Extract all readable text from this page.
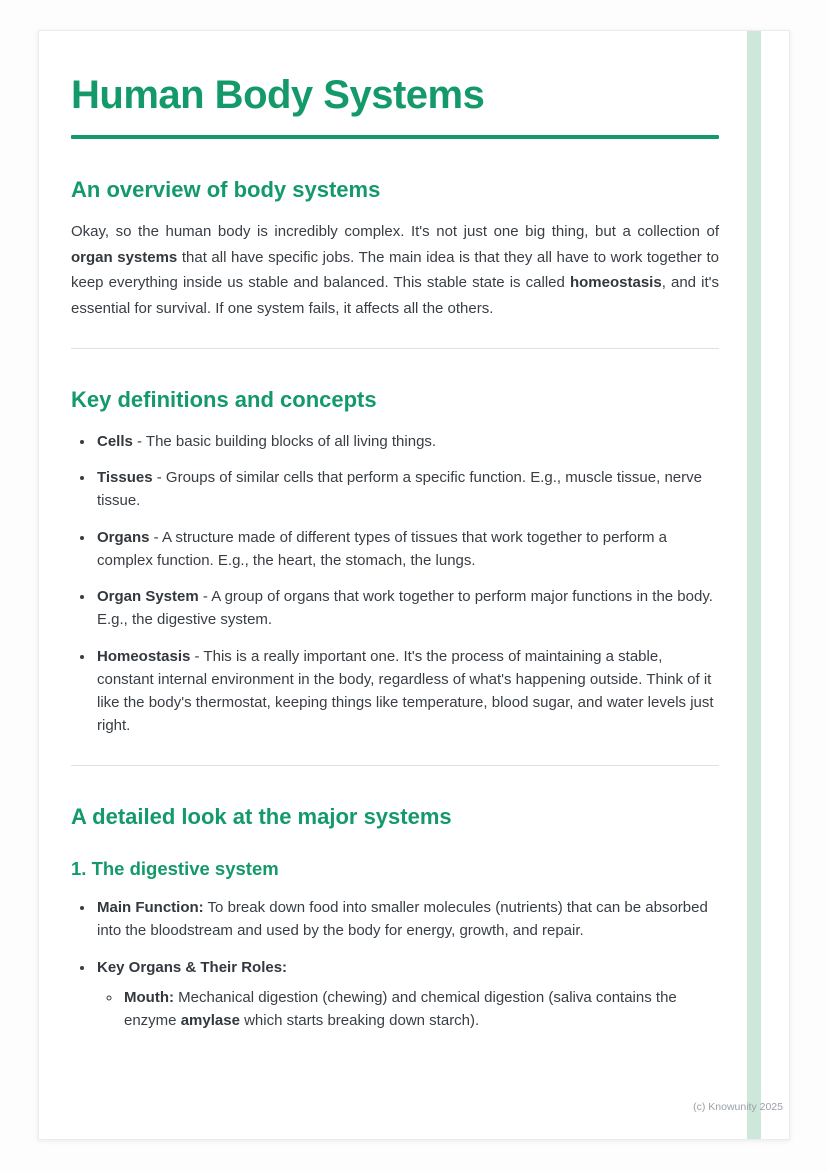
Human Body Systems
An overview of body systems

Okay, so the human body is incredibly complex. It's not just one big thing, but a collection of organ systems that all have specific jobs. The main idea is that they all have to work together to keep everything inside us stable and balanced. This stable state is called homeostasis, and it's essential for survival. If one system fails, it affects all the others.

Key definitions and concepts
• Cells - The basic building blocks of all living things.
• Tissues - Groups of similar cells that perform a specific function. E.g., muscle tissue, nerve tissue.
• Organs - A structure made of different types of tissues that work together to perform a complex function. E.g., the heart, the stomach, the lungs.
• Organ System - A group of organs that work together to perform major functions in the body. E.g., the digestive system.
• Homeostasis - This is a really important one. It's the process of maintaining a stable, constant internal environment in the body, regardless of what's happening outside. Think of it like the body's thermostat, keeping things like temperature, blood sugar, and water levels just right.
A detailed look at the major systems
1. The digestive system
• Main Function: To break down food into smaller molecules (nutrients) that can be absorbed into the bloodstream and used by the body for energy, growth, and repair.
• Key Organs & Their Roles:
◦ Mouth: Mechanical digestion (chewing) and chemical digestion (saliva contains the enzyme amylase which starts breaking down starch).
(c) Knowunity 2025
